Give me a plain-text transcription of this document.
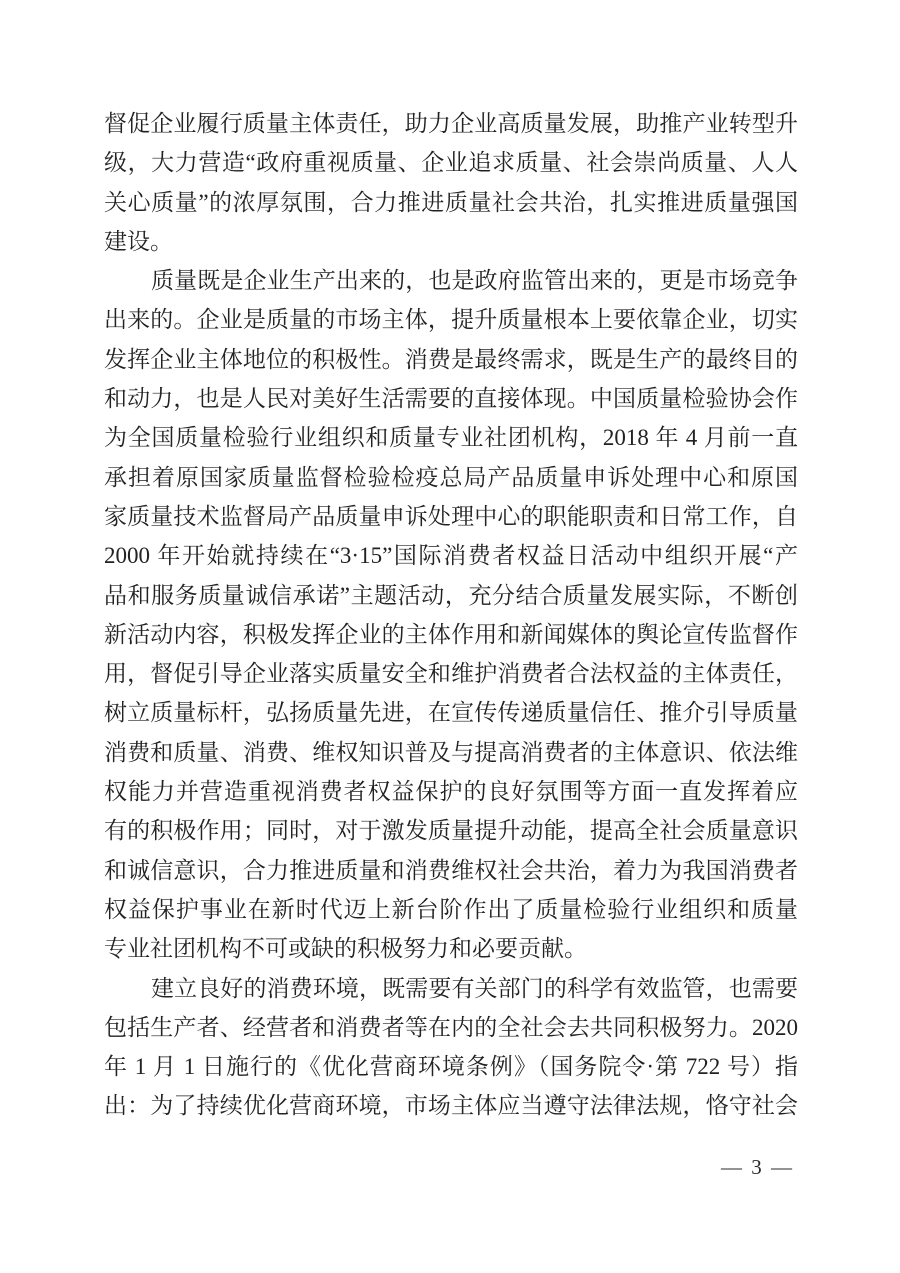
督促企业履行质量主体责任，助力企业高质量发展，助推产业转型升
级，大力营造“政府重视质量、企业追求质量、社会崇尚质量、人人
关心质量”的浓厚氛围，合力推进质量社会共治，扎实推进质量强国
建设。
质量既是企业生产出来的，也是政府监管出来的，更是市场竞争
出来的。企业是质量的市场主体，提升质量根本上要依靠企业，切实
发挥企业主体地位的积极性。消费是最终需求，既是生产的最终目的
和动力，也是人民对美好生活需要的直接体现。中国质量检验协会作
为全国质量检验行业组织和质量专业社团机构，2018 年 4 月前一直
承担着原国家质量监督检验检疫总局产品质量申诉处理中心和原国
家质量技术监督局产品质量申诉处理中心的职能职责和日常工作，自
2000 年开始就持续在“3·15”国际消费者权益日活动中组织开展“产
品和服务质量诚信承诺”主题活动，充分结合质量发展实际，不断创
新活动内容，积极发挥企业的主体作用和新闻媒体的舆论宣传监督作
用，督促引导企业落实质量安全和维护消费者合法权益的主体责任，
树立质量标杆，弘扬质量先进，在宣传传递质量信任、推介引导质量
消费和质量、消费、维权知识普及与提高消费者的主体意识、依法维
权能力并营造重视消费者权益保护的良好氛围等方面一直发挥着应
有的积极作用；同时，对于激发质量提升动能，提高全社会质量意识
和诚信意识，合力推进质量和消费维权社会共治，着力为我国消费者
权益保护事业在新时代迈上新台阶作出了质量检验行业组织和质量
专业社团机构不可或缺的积极努力和必要贡献。
建立良好的消费环境，既需要有关部门的科学有效监管，也需要
包括生产者、经营者和消费者等在内的全社会去共同积极努力。2020
年 1 月 1 日施行的《优化营商环境条例》（国务院令·第 722 号）指
出：为了持续优化营商环境，市场主体应当遵守法律法规，恪守社会
— 3 —
